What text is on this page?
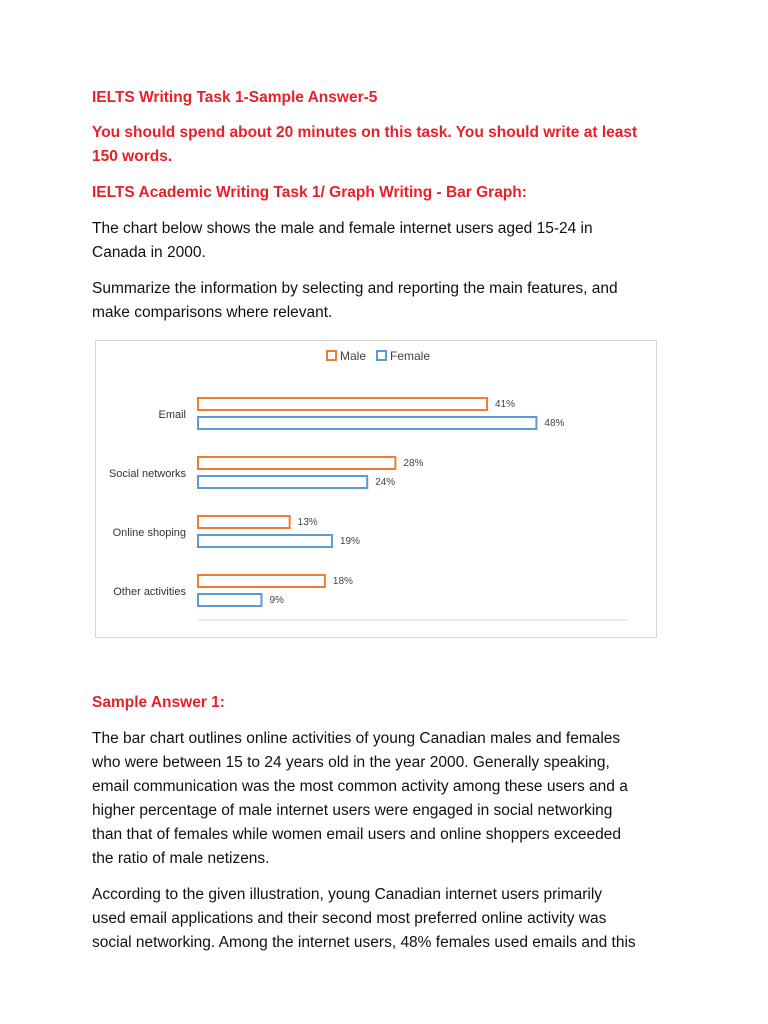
IELTS Writing Task 1-Sample Answer-5

You should spend about 20 minutes on this task. You should write at least

150 words.

IELTS Academic Writing Task 1/ Graph Writing - Bar Graph:

The chart below shows the male and female internet users aged 15-24 in

Canada in 2000.

Summarize the information by selecting and reporting the main features, and

make comparisons where relevant.

Male Female
Email
41%
48%
Social networks
28%
24%
Online shoping
13%
19%
Other activities
18%
9%

Sample Answer 1:

The bar chart outlines online activities of young Canadian males and females

who were between 15 to 24 years old in the year 2000. Generally speaking,

email communication was the most common activity among these users and a

higher percentage of male internet users were engaged in social networking

than that of females while women email users and online shoppers exceeded

the ratio of male netizens.

According to the given illustration, young Canadian internet users primarily

used email applications and their second most preferred online activity was

social networking. Among the internet users, 48% females used emails and this
